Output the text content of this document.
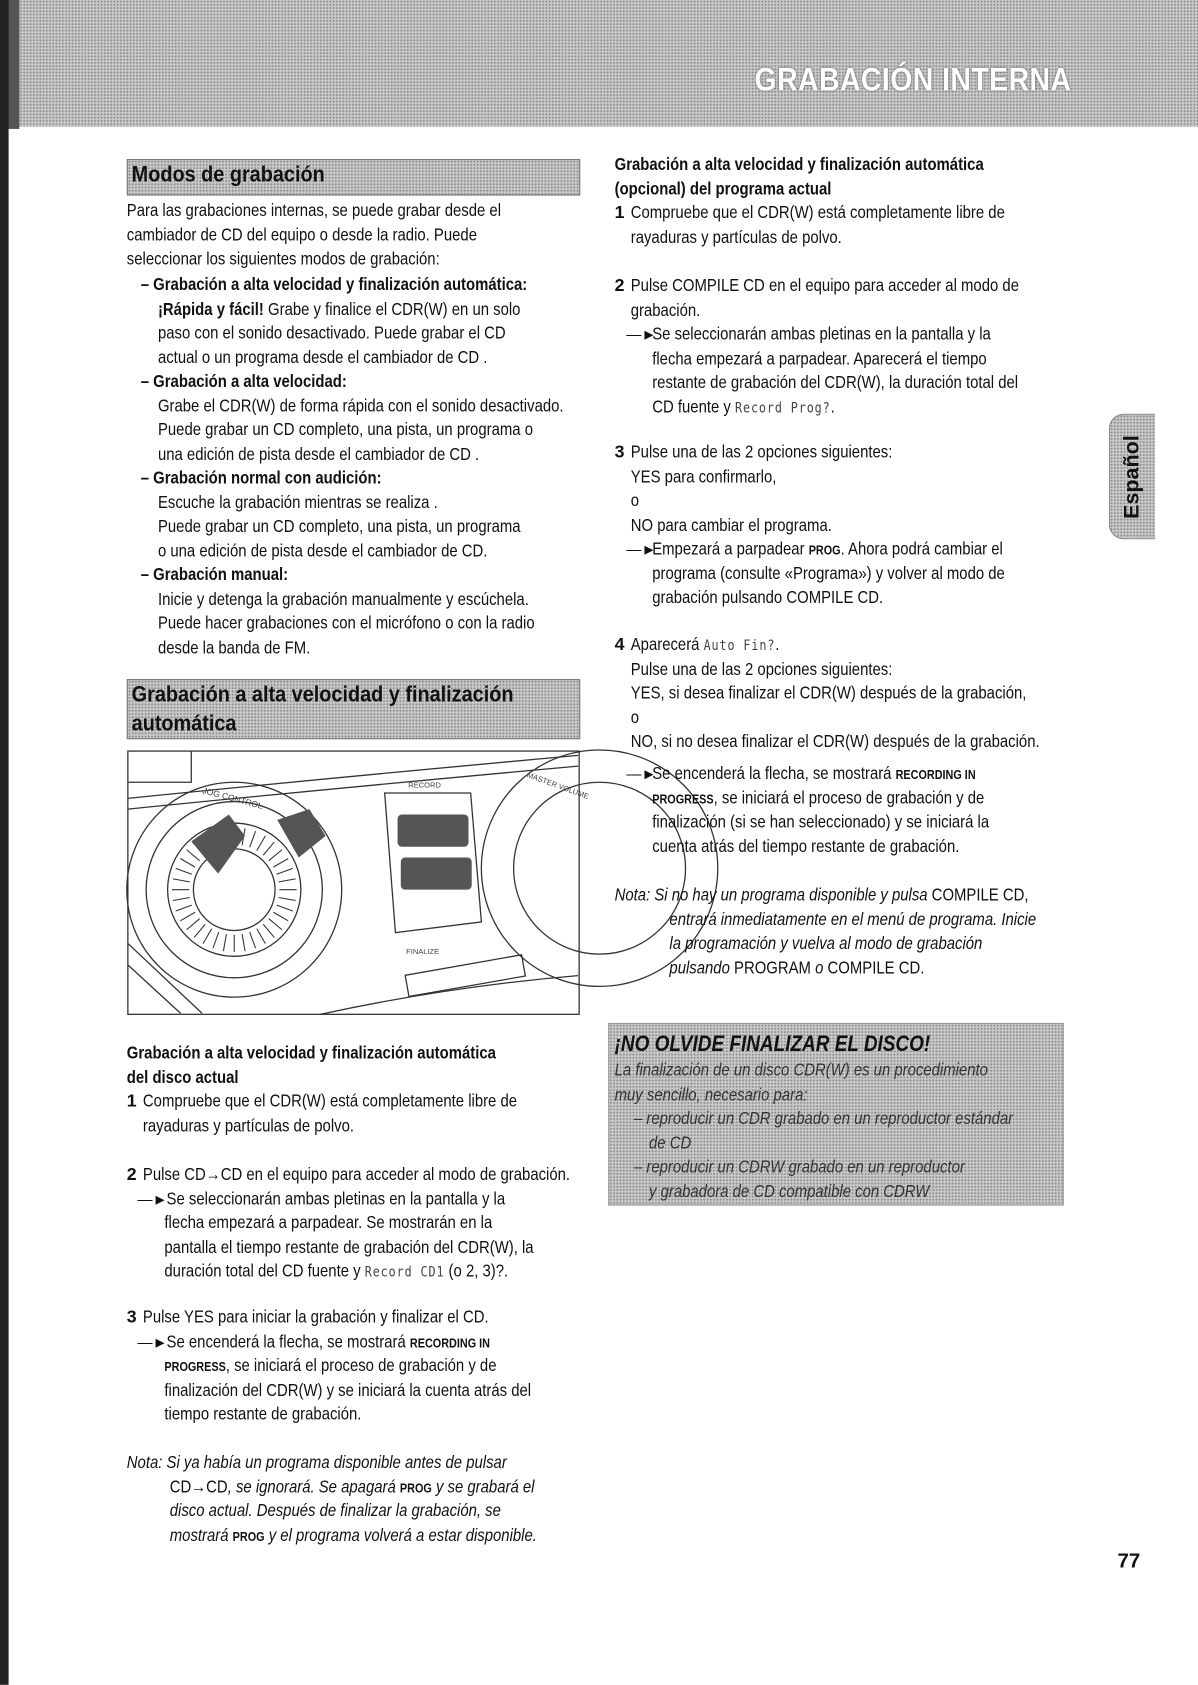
GRABACIÓN INTERNA
Modos de grabación
Para las grabaciones internas, se puede grabar desde el
cambiador de CD del equipo o desde la radio. Puede
seleccionar los siguientes modos de grabación:
– Grabación a alta velocidad y finalización automática:
¡Rápida y fácil! Grabe y finalice el CDR(W) en un solo
paso con el sonido desactivado. Puede grabar el CD
actual o un programa desde el cambiador de CD .
– Grabación a alta velocidad:
Grabe el CDR(W) de forma rápida con el sonido desactivado.
Puede grabar un CD completo, una pista, un programa o
una edición de pista desde el cambiador de CD .
– Grabación normal con audición:
Escuche la grabación mientras se realiza .
Puede grabar un CD completo, una pista, un programa
o una edición de pista desde el cambiador de CD.
– Grabación manual:
Inicie y detenga la grabación manualmente y escúchela.
Puede hacer grabaciones con el micrófono o con la radio
desde la banda de FM.
Grabación a alta velocidad y finalización
automática
JOG CONTROL
RECORD
FINALIZE
MASTER VOLUME
Grabación a alta velocidad y finalización automática
del disco actual
1 Compruebe que el CDR(W) está completamente libre de
rayaduras y partículas de polvo.
2 Pulse CD→CD en el equipo para acceder al modo de grabación.
—► Se seleccionarán ambas pletinas en la pantalla y la
flecha empezará a parpadear. Se mostrarán en la
pantalla el tiempo restante de grabación del CDR(W), la
duración total del CD fuente y Record CD1 (o 2, 3)?.
3 Pulse YES para iniciar la grabación y finalizar el CD.
—► Se encenderá la flecha, se mostrará RECORDING IN
PROGRESS, se iniciará el proceso de grabación y de
finalización del CDR(W) y se iniciará la cuenta atrás del
tiempo restante de grabación.
Nota: Si ya había un programa disponible antes de pulsar
CD→CD, se ignorará. Se apagará PROG y se grabará el
disco actual. Después de finalizar la grabación, se
mostrará PROG y el programa volverá a estar disponible.
Grabación a alta velocidad y finalización automática
(opcional) del programa actual
1 Compruebe que el CDR(W) está completamente libre de
rayaduras y partículas de polvo.
2 Pulse COMPILE CD en el equipo para acceder al modo de
grabación.
—►
Se seleccionarán ambas pletinas en la pantalla y la
flecha empezará a parpadear. Aparecerá el tiempo
restante de grabación del CDR(W), la duración total del
CD fuente y Record Prog?.
3 Pulse una de las 2 opciones siguientes:
YES para confirmarlo,
o
NO para cambiar el programa.
—►
Empezará a parpadear PROG. Ahora podrá cambiar el
programa (consulte «Programa») y volver al modo de
grabación pulsando COMPILE CD.
4 Aparecerá Auto Fin?.
Pulse una de las 2 opciones siguientes:
YES, si desea finalizar el CDR(W) después de la grabación,
o
NO, si no desea finalizar el CDR(W) después de la grabación.
—►
Se encenderá la flecha, se mostrará RECORDING IN
PROGRESS, se iniciará el proceso de grabación y de
finalización (si se han seleccionado) y se iniciará la
cuenta atrás del tiempo restante de grabación.
Nota: Si no hay un programa disponible y pulsa COMPILE CD,
entrará inmediatamente en el menú de programa. Inicie
la programación y vuelva al modo de grabación
pulsando PROGRAM o COMPILE CD.
¡NO OLVIDE FINALIZAR EL DISCO!
La finalización de un disco CDR(W) es un procedimiento
muy sencillo, necesario para:
– reproducir un CDR grabado en un reproductor estándar
de CD
– reproducir un CDRW grabado en un reproductor
y grabadora de CD compatible con CDRW
Español
77
